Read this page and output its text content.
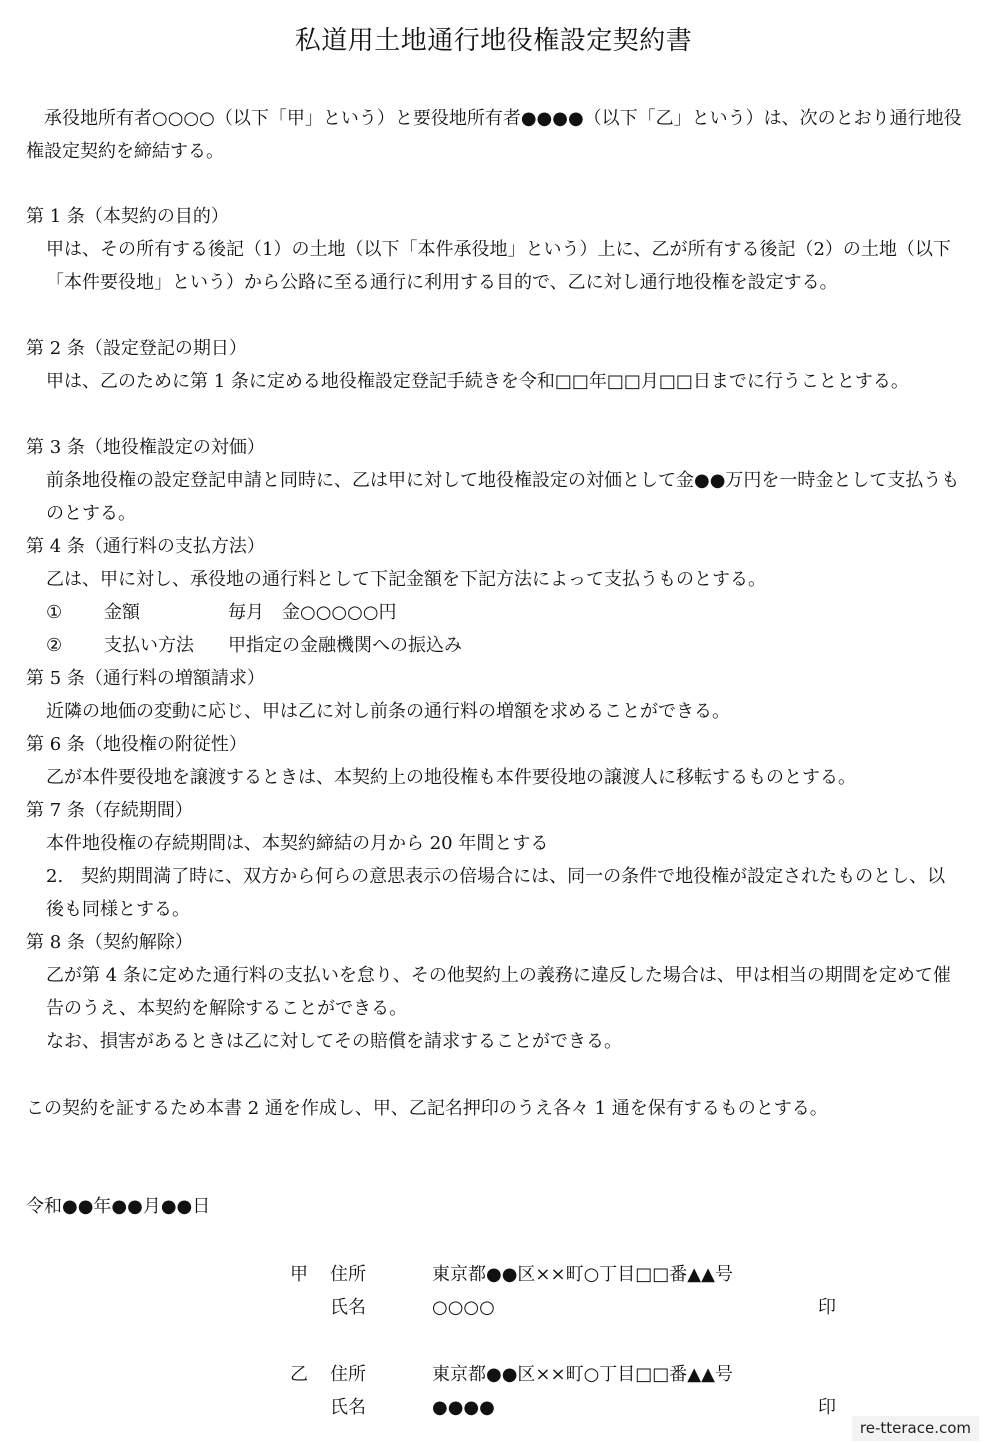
私道用土地通行地役権設定契約書

承役地所有者○○○○（以下「甲」という）と要役地所有者●●●●（以下「乙」という）は、次のとおり通行地役権設定契約を締結する。

第 1 条（本契約の目的）

甲は、その所有する後記（1）の土地（以下「本件承役地」という）上に、乙が所有する後記（2）の土地（以下「本件要役地」という）から公路に至る通行に利用する目的で、乙に対し通行地役権を設定する。

第 2 条（設定登記の期日）

甲は、乙のために第 1 条に定める地役権設定登記手続きを令和□□年□□月□□日までに行うこととする。

第 3 条（地役権設定の対価）

前条地役権の設定登記申請と同時に、乙は甲に対して地役権設定の対価として金●●万円を一時金として支払うものとする。

第 4 条（通行料の支払方法）

乙は、甲に対し、承役地の通行料として下記金額を下記方法によって支払うものとする。

① 金額	毎月　金○○○○○円
② 支払い方法 甲指定の金融機関への振込み
第 5 条（通行料の増額請求）

近隣の地価の変動に応じ、甲は乙に対し前条の通行料の増額を求めることができる。

第 6 条（地役権の附従性）

乙が本件要役地を譲渡するときは、本契約上の地役権も本件要役地の譲渡人に移転するものとする。

第 7 条（存続期間）

本件地役権の存続期間は、本契約締結の月から 20 年間とする

2.　契約期間満了時に、双方から何らの意思表示の倍場合には、同一の条件で地役権が設定されたものとし、以後も同様とする。

第 8 条（契約解除）

乙が第 4 条に定めた通行料の支払いを怠り、その他契約上の義務に違反した場合は、甲は相当の期間を定めて催告のうえ、本契約を解除することができる。

なお、損害があるときは乙に対してその賠償を請求することができる。

この契約を証するため本書 2 通を作成し、甲、乙記名押印のうえ各々 1 通を保有するものとする。

令和●●年●●月●●日
甲 住所	東京都●●区××町○丁目□□番▲▲号
氏名	○○○○	印
乙 住所	東京都●●区××町○丁目□□番▲▲号
氏名	●●●●	印
re-tterace.com
